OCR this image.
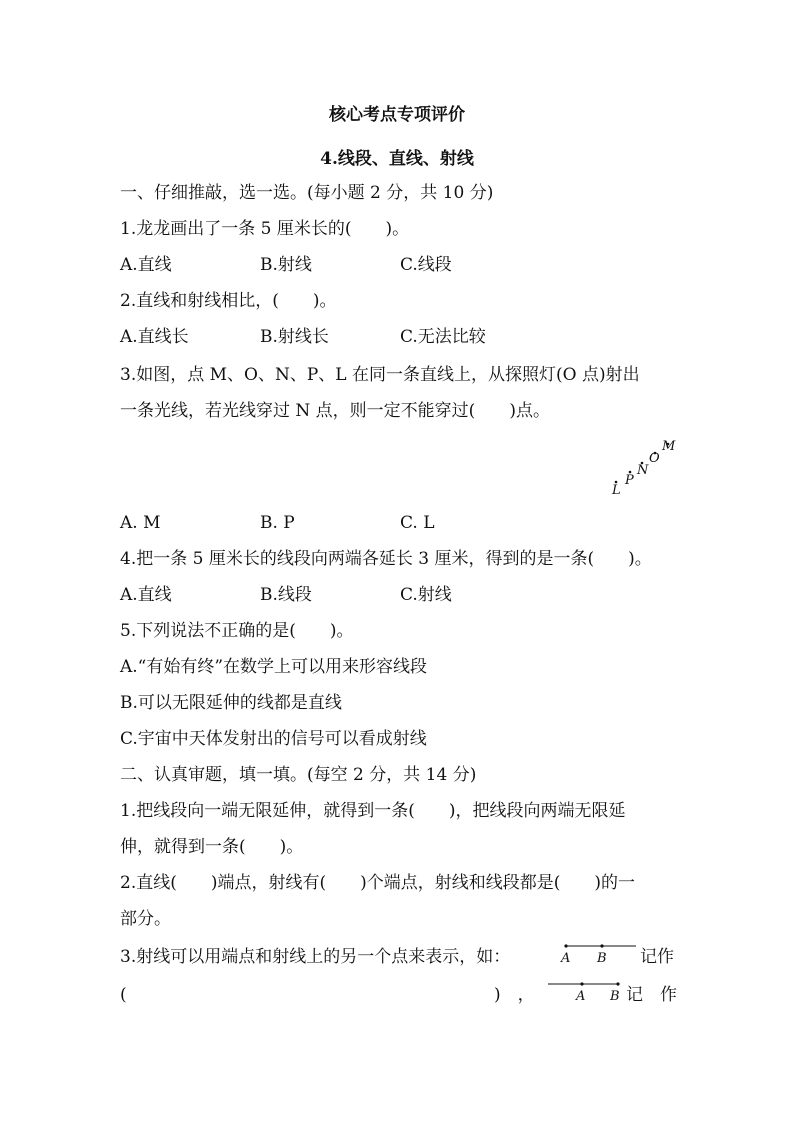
核心考点专项评价
4.线段、直线、射线
一、仔细推敲，选一选。(每小题 2 分，共 10 分)
1.龙龙画出了一条 5 厘米长的(　　)。
A.直线	B.射线	C.线段
2.直线和射线相比，(　　)。
A.直线长	B.射线长	C.无法比较
3.如图，点 M、O、N、P、L 在同一条直线上，从探照灯(O 点)射出
一条光线，若光线穿过 N 点，则一定不能穿过(　　)点。
L
P
N
O
M
A. M	B. P	C. L
4.把一条 5 厘米长的线段向两端各延长 3 厘米，得到的是一条(　　)。
A.直线	B.线段	C.射线
5.下列说法不正确的是(　　)。
A.“有始有终”在数学上可以用来形容线段
B.可以无限延伸的线都是直线
C.宇宙中天体发射出的信号可以看成射线
二、认真审题，填一填。(每空 2 分，共 14 分)
1.把线段向一端无限延伸，就得到一条(　　)，把线段向两端无限延
伸，就得到一条(　　)。
2.直线(　　)端点，射线有(　　)个端点，射线和线段都是(　　)的一
部分。
3.射线可以用端点和射线上的另一个点来表示，如：	A B 记作
(	)　，	A B 记　作
